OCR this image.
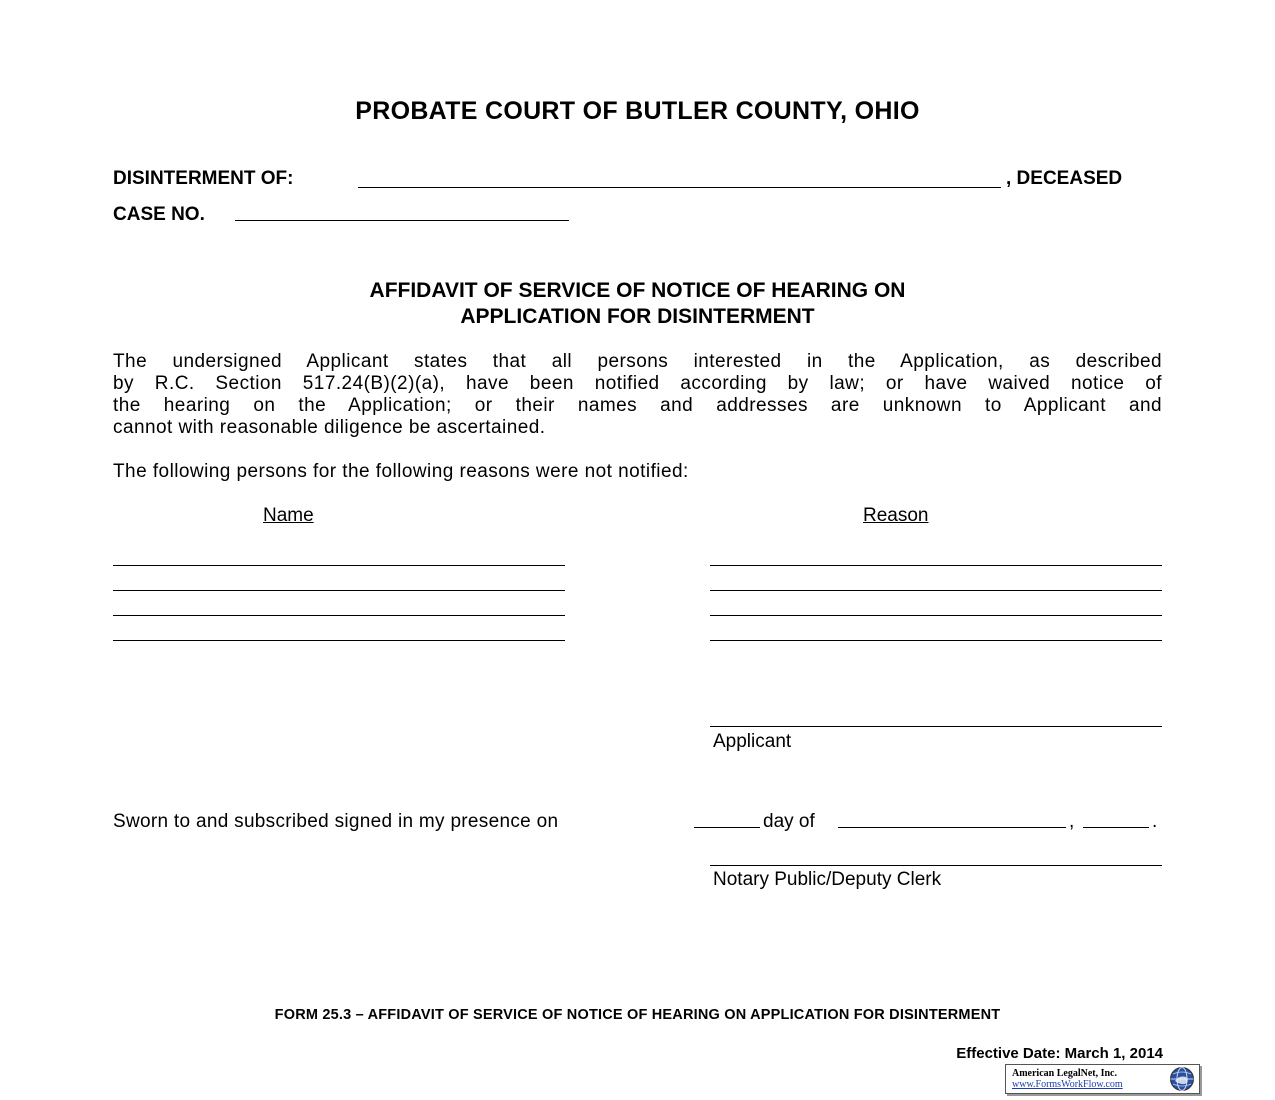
PROBATE COURT OF BUTLER COUNTY, OHIO
DISINTERMENT OF:	, DECEASED
CASE NO.
AFFIDAVIT OF SERVICE OF NOTICE OF HEARING ON
APPLICATION FOR DISINTERMENT
The undersigned Applicant states that all persons interested in the Application, as described
by R.C. Section 517.24(B)(2)(a), have been notified according by law; or have waived notice of
the hearing on the Application; or their names and addresses are unknown to Applicant and
cannot with reasonable diligence be ascertained.
The following persons for the following reasons were not notified:
Name	Reason
Applicant
Sworn to and subscribed signed in my presence on	day of	,	.
Notary Public/Deputy Clerk
FORM 25.3 – AFFIDAVIT OF SERVICE OF NOTICE OF HEARING ON APPLICATION FOR DISINTERMENT
Effective Date: March 1, 2014
American LegalNet, Inc.
www.FormsWorkFlow.com
